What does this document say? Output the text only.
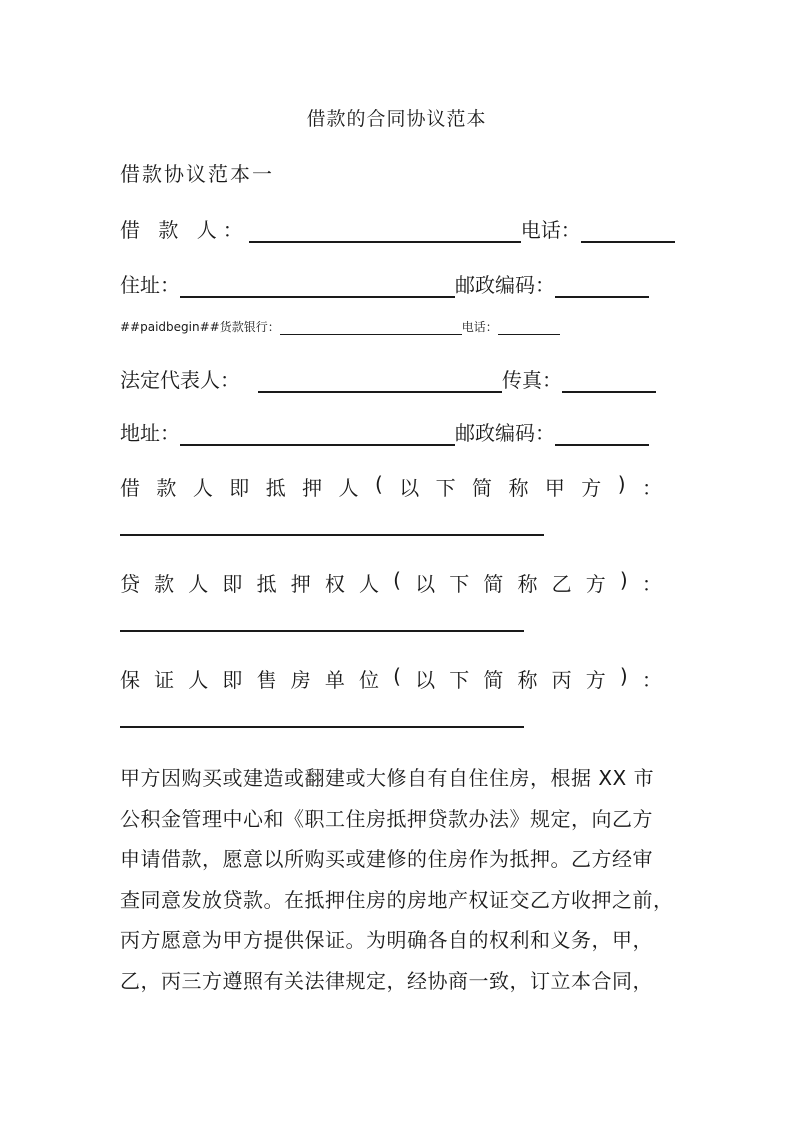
借款的合同协议范本
借款协议范本一
借 款 人：	电话：
住址：	邮政编码：
##paidbegin##货款银行：	电话：
法定代表人：	传真：
地址：	邮政编码：
借 款 人 即 抵 押 人 ( 以 下 简 称 甲 方 ) ：
贷 款 人 即 抵 押 权 人 ( 以 下 简 称 乙 方 ) ：
保 证 人 即 售 房 单 位 ( 以 下 简 称 丙 方 ) ：
甲方因购买或建造或翻建或大修自有自住住房，根据 XX 市
公积金管理中心和《职工住房抵押贷款办法》规定，向乙方
申请借款，愿意以所购买或建修的住房作为抵押。乙方经审
查同意发放贷款。在抵押住房的房地产权证交乙方收押之前，
丙方愿意为甲方提供保证。为明确各自的权利和义务，甲，
乙，丙三方遵照有关法律规定，经协商一致，订立本合同，
